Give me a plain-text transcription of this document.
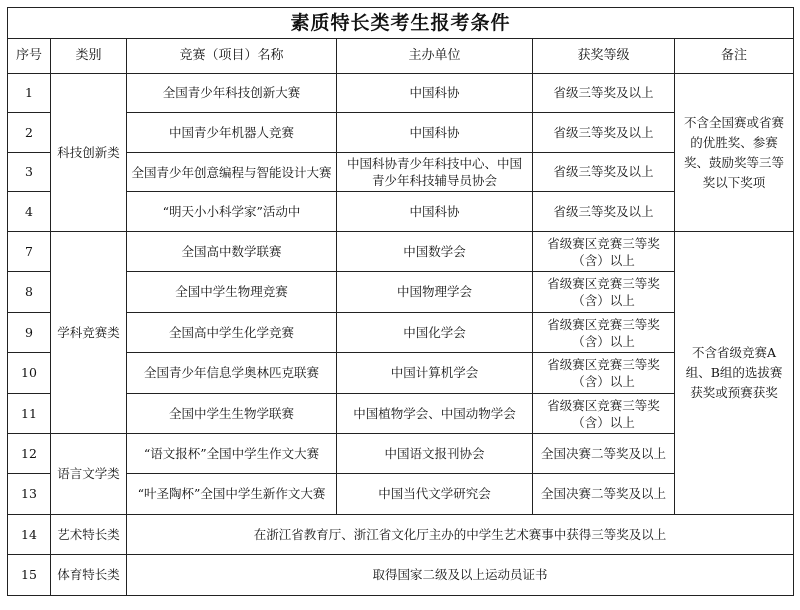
素质特长类考生报考条件					
序号	类别	竞赛（项目）名称	主办单位	获奖等级	备注
1	科技创新类	全国青少年科技创新大赛	中国科协	省级三等奖及以上	不含全国赛或省赛的优胜奖、参赛奖、鼓励奖等三等奖以下奖项
2		中国青少年机器人竞赛	中国科协	省级三等奖及以上	
3		全国青少年创意编程与智能设计大赛	中国科协青少年科技中心、中国青少年科技辅导员协会	省级三等奖及以上	
4		“明天小小科学家”活动中	中国科协	省级三等奖及以上	
7	学科竞赛类	全国高中数学联赛	中国数学会	省级赛区竞赛三等奖（含）以上	不含省级竞赛A组、B组的选拔赛获奖或预赛获奖
8		全国中学生物理竞赛	中国物理学会	省级赛区竞赛三等奖（含）以上	
9		全国高中学生化学竞赛	中国化学会	省级赛区竞赛三等奖（含）以上	
10		全国青少年信息学奥林匹克联赛	中国计算机学会	省级赛区竞赛三等奖（含）以上	
11		全国中学生生物学联赛	中国植物学会、中国动物学会	省级赛区竞赛三等奖（含）以上	
12	语言文学类	“语文报杯”全国中学生作文大赛	中国语文报刊协会	全国决赛二等奖及以上	
13		“叶圣陶杯”全国中学生新作文大赛	中国当代文学研究会	全国决赛二等奖及以上	
14	艺术特长类	在浙江省教育厅、浙江省文化厅主办的中学生艺术赛事中获得三等奖及以上			
15	体育特长类	取得国家二级及以上运动员证书			
